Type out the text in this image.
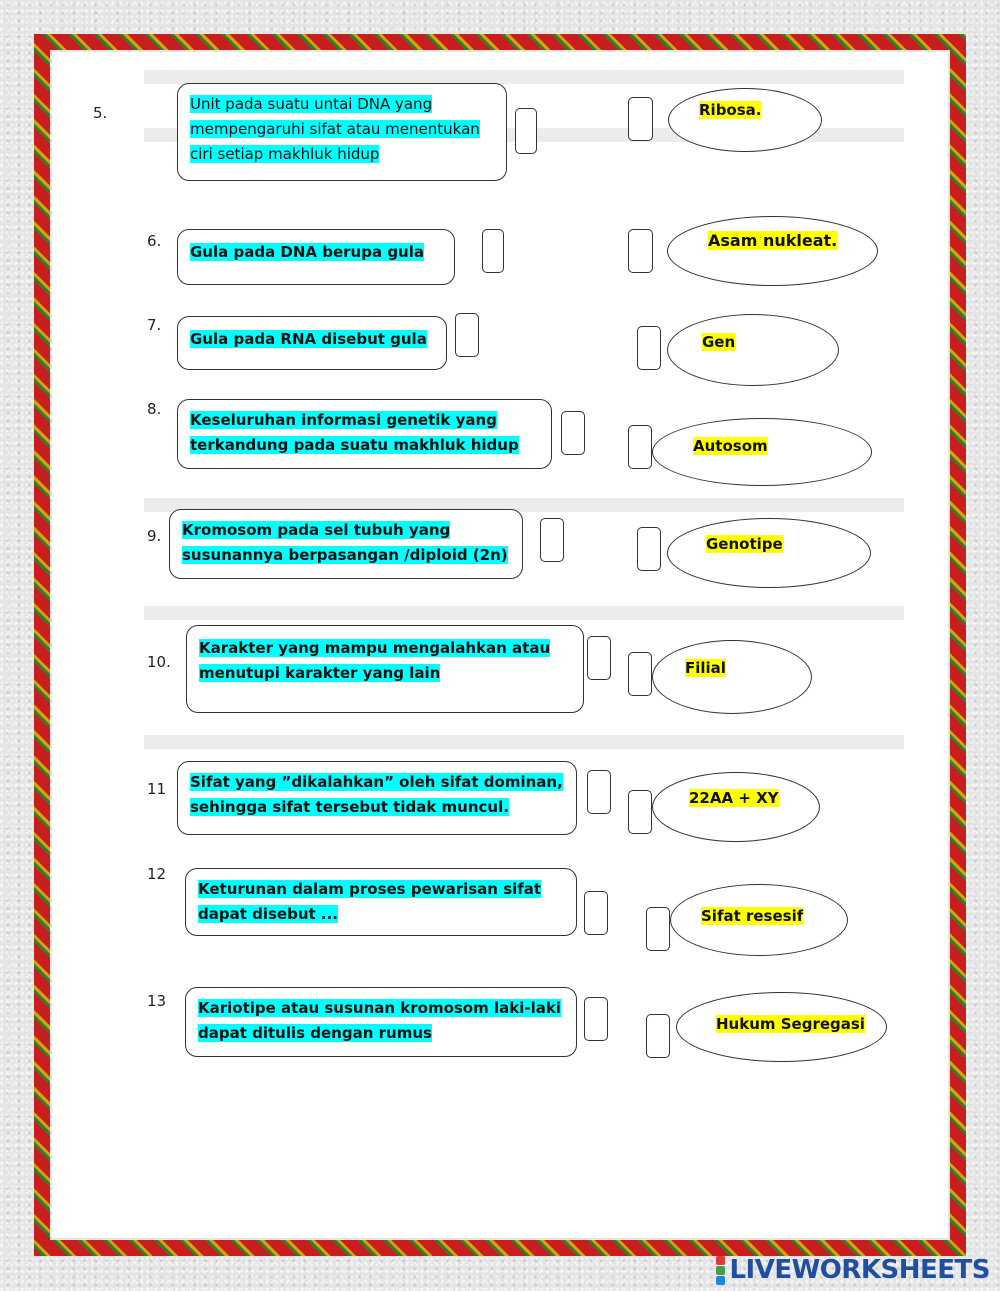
5.	Unit pada suatu untai DNA yang mempengaruhi sifat atau menentukan ciri setiap makhluk hidup
Ribosa.
6.
Gula pada DNA berupa gula
Asam nukleat.
7.
Gula pada RNA disebut gula	Gen
8.
Keseluruhan informasi genetik yang terkandung pada suatu makhluk hidup	Autosom
9.	Kromosom pada sel tubuh yang susunannya berpasangan /diploid (2n)
Genotipe
10.
Karakter yang mampu mengalahkan atau menutupi karakter yang lain	Filial
11	Sifat yang ”dikalahkan” oleh sifat dominan, sehingga sifat tersebut tidak muncul.	22AA + XY
12
Keturunan dalam proses pewarisan sifat dapat disebut ...	Sifat resesif
13	Kariotipe atau susunan kromosom laki-laki dapat ditulis dengan rumus	Hukum Segregasi
LIVEWORKSHEETS
